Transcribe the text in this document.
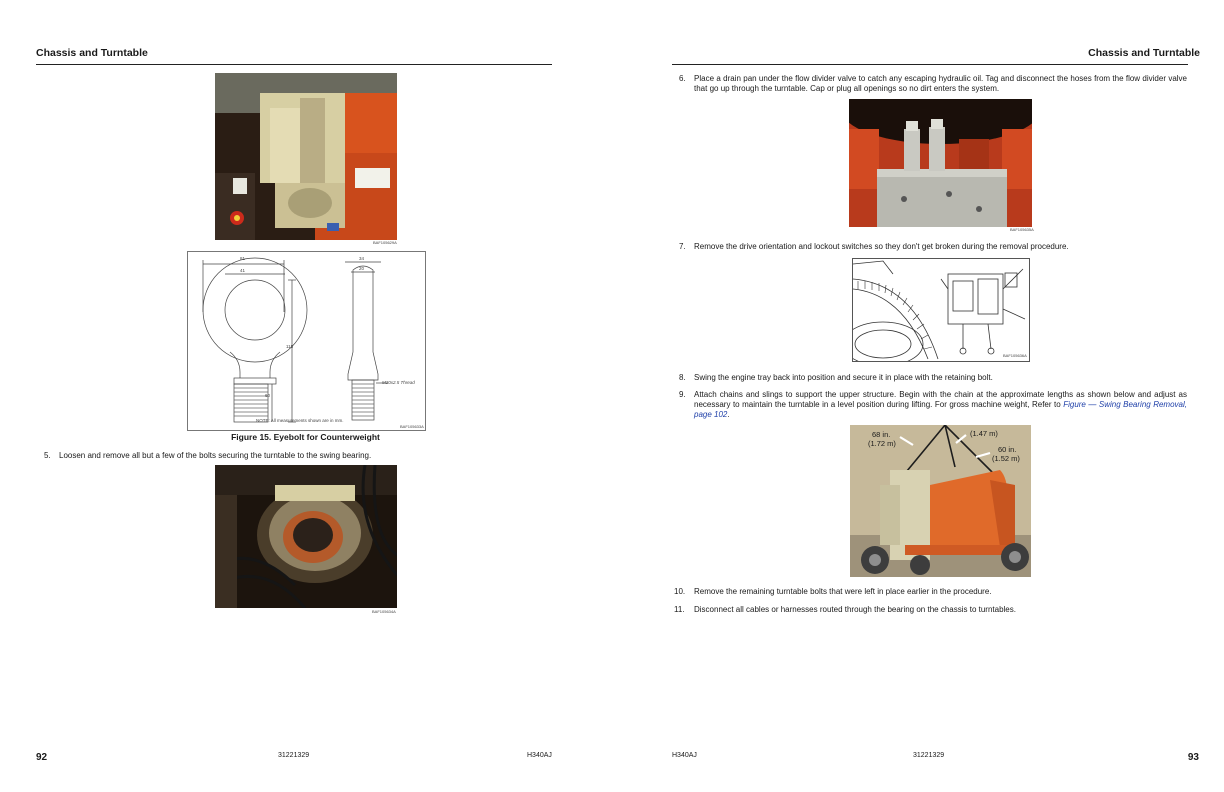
Chassis and Turntable
BAF105629A
81
41
34
20
115
60
M20x2.5 Thread
NOTE: All measurements shown are in mm.
BAF105633A
Figure 15. Eyebolt for Counterweight
5. Loosen and remove all but a few of the bolts securing the turntable to the swing bearing.
BAF105634A
92	31221329	H340AJ
Chassis and Turntable
6. Place a drain pan under the flow divider valve to catch any escaping hydraulic oil. Tag and disconnect the hoses from the flow divider valve that go up through the turntable. Cap or plug all openings so no dirt enters the system.
BAF105635A
7. Remove the drive orientation and lockout switches so they don't get broken during the removal procedure.
BAF105636A
8. Swing the engine tray back into position and secure it in place with the retaining bolt.
9. Attach chains and slings to support the upper structure. Begin with the chain at the approximate lengths as shown below and adjust as necessary to maintain the turntable in a level position during lifting. For gross machine weight, Refer to Figure — Swing Bearing Removal, page 102.
68 in.
(1.72 m)
(1.47 m)
60 in.
(1.52 m)
10. Remove the remaining turntable bolts that were left in place earlier in the procedure.
11. Disconnect all cables or harnesses routed through the bearing on the chassis to turntables.
H340AJ	31221329	93
